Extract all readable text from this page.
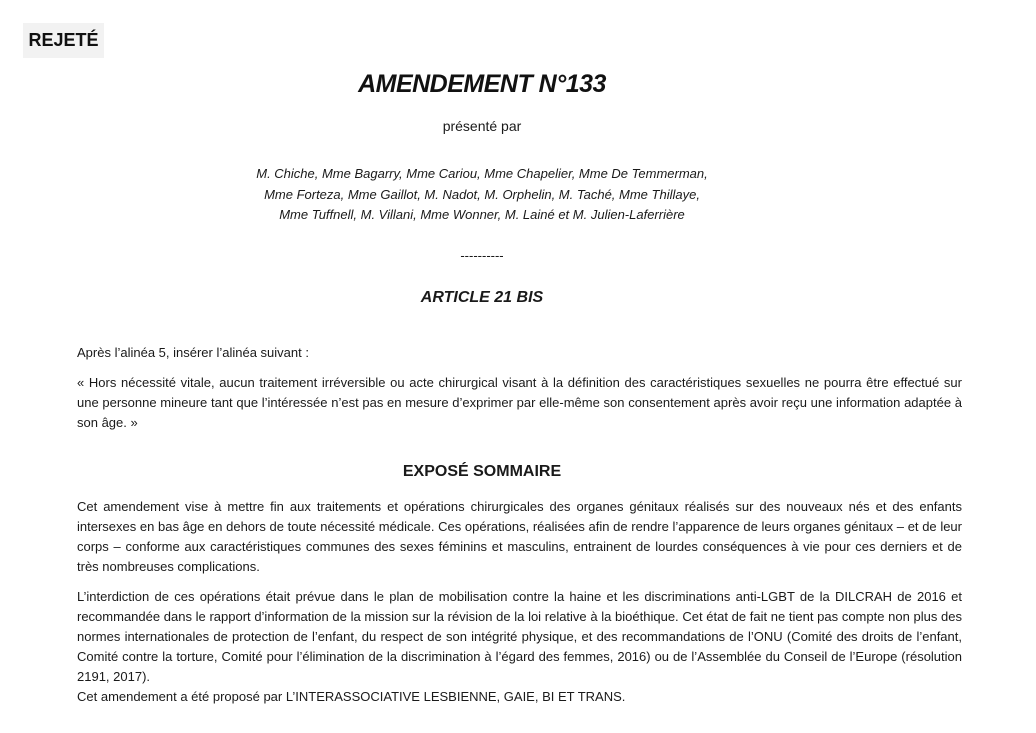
REJETÉ
AMENDEMENT N°133
présenté par
M. Chiche, Mme Bagarry, Mme Cariou, Mme Chapelier, Mme De Temmerman,
Mme Forteza, Mme Gaillot, M. Nadot, M. Orphelin, M. Taché, Mme Thillaye,
Mme Tuffnell, M. Villani, Mme Wonner, M. Lainé et M. Julien-Laferrière
----------
ARTICLE 21 BIS
Après l’alinéa 5, insérer l’alinéa suivant :
« Hors nécessité vitale, aucun traitement irréversible ou acte chirurgical visant à la définition des caractéristiques sexuelles ne pourra être effectué sur une personne mineure tant que l’intéressée n’est pas en mesure d’exprimer par elle-même son consentement après avoir reçu une information adaptée à son âge. »
EXPOSÉ SOMMAIRE
Cet amendement vise à mettre fin aux traitements et opérations chirurgicales des organes génitaux réalisés sur des nouveaux nés et des enfants intersexes en bas âge en dehors de toute nécessité médicale. Ces opérations, réalisées afin de rendre l’apparence de leurs organes génitaux – et de leur corps – conforme aux caractéristiques communes des sexes féminins et masculins, entrainent de lourdes conséquences à vie pour ces derniers et de très nombreuses complications.
L’interdiction de ces opérations était prévue dans le plan de mobilisation contre la haine et les discriminations anti-LGBT de la DILCRAH de 2016 et recommandée dans le rapport d’information de la mission sur la révision de la loi relative à la bioéthique. Cet état de fait ne tient pas compte non plus des normes internationales de protection de l’enfant, du respect de son intégrité physique, et des recommandations de l’ONU (Comité des droits de l’enfant, Comité contre la torture, Comité pour l’élimination de la discrimination à l’égard des femmes, 2016) ou de l’Assemblée du Conseil de l’Europe (résolution 2191, 2017).
Cet amendement a été proposé par L’INTERASSOCIATIVE LESBIENNE, GAIE, BI ET TRANS.
